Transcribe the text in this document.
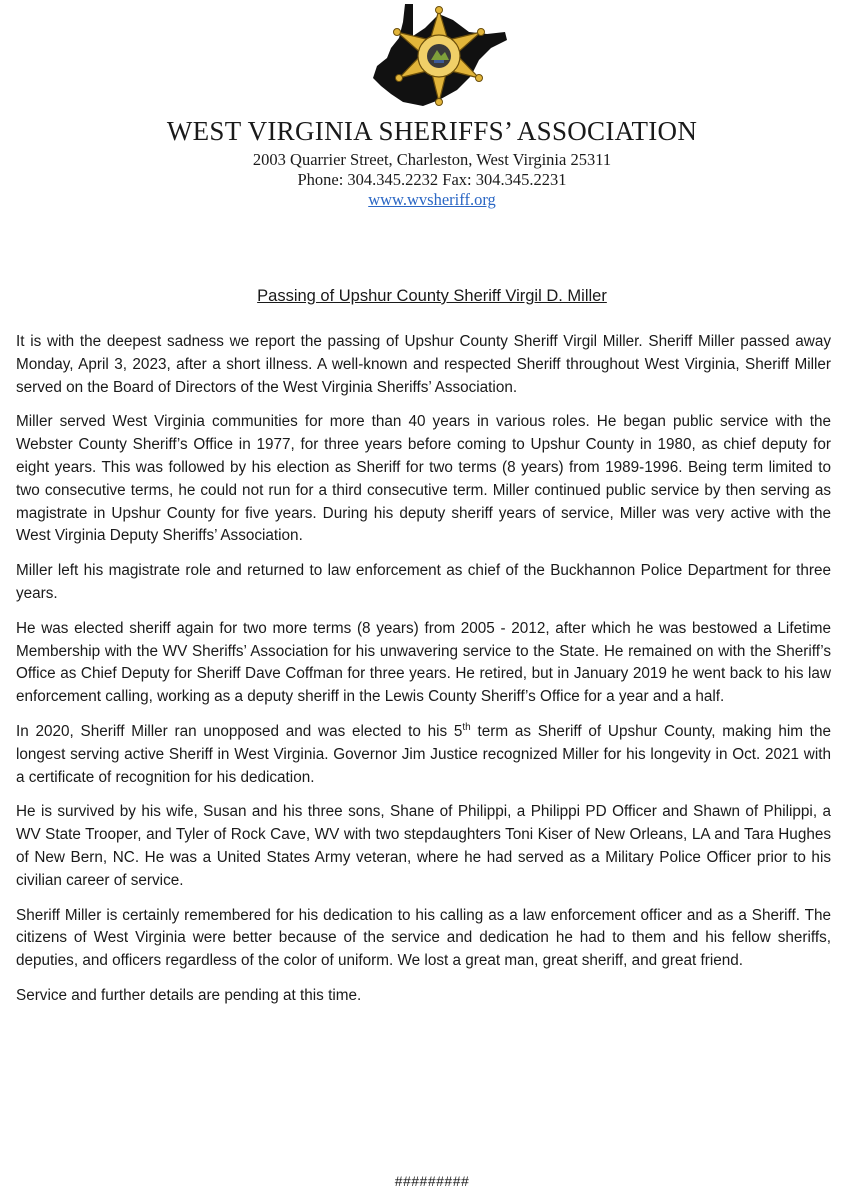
WEST VIRGINIA SHERIFFS’ ASSOCIATION
2003 Quarrier Street, Charleston, West Virginia 25311
Phone: 304.345.2232 Fax: 304.345.2231
www.wvsheriff.org
Passing of Upshur County Sheriff Virgil D. Miller

It is with the deepest sadness we report the passing of Upshur County Sheriff Virgil Miller. Sheriff Miller passed away Monday, April 3, 2023, after a short illness. A well-known and respected Sheriff throughout West Virginia, Sheriff Miller served on the Board of Directors of the West Virginia Sheriffs’ Association.

Miller served West Virginia communities for more than 40 years in various roles. He began public service with the Webster County Sheriff’s Office in 1977, for three years before coming to Upshur County in 1980, as chief deputy for eight years. This was followed by his election as Sheriff for two terms (8 years) from 1989-1996. Being term limited to two consecutive terms, he could not run for a third consecutive term. Miller continued public service by then serving as magistrate in Upshur County for five years. During his deputy sheriff years of service, Miller was very active with the West Virginia Deputy Sheriffs’ Association.

Miller left his magistrate role and returned to law enforcement as chief of the Buckhannon Police Department for three years.

He was elected sheriff again for two more terms (8 years) from 2005 - 2012, after which he was bestowed a Lifetime Membership with the WV Sheriffs’ Association for his unwavering service to the State. He remained on with the Sheriff’s Office as Chief Deputy for Sheriff Dave Coffman for three years. He retired, but in January 2019 he went back to his law enforcement calling, working as a deputy sheriff in the Lewis County Sheriff’s Office for a year and a half.

In 2020, Sheriff Miller ran unopposed and was elected to his 5th term as Sheriff of Upshur County, making him the longest serving active Sheriff in West Virginia. Governor Jim Justice recognized Miller for his longevity in Oct. 2021 with a certificate of recognition for his dedication.

He is survived by his wife, Susan and his three sons, Shane of Philippi, a Philippi PD Officer and Shawn of Philippi, a WV State Trooper, and Tyler of Rock Cave, WV with two stepdaughters Toni Kiser of New Orleans, LA and Tara Hughes of New Bern, NC. He was a United States Army veteran, where he had served as a Military Police Officer prior to his civilian career of service.

Sheriff Miller is certainly remembered for his dedication to his calling as a law enforcement officer and as a Sheriff. The citizens of West Virginia were better because of the service and dedication he had to them and his fellow sheriffs, deputies, and officers regardless of the color of uniform. We lost a great man, great sheriff, and great friend.

Service and further details are pending at this time.

#########
